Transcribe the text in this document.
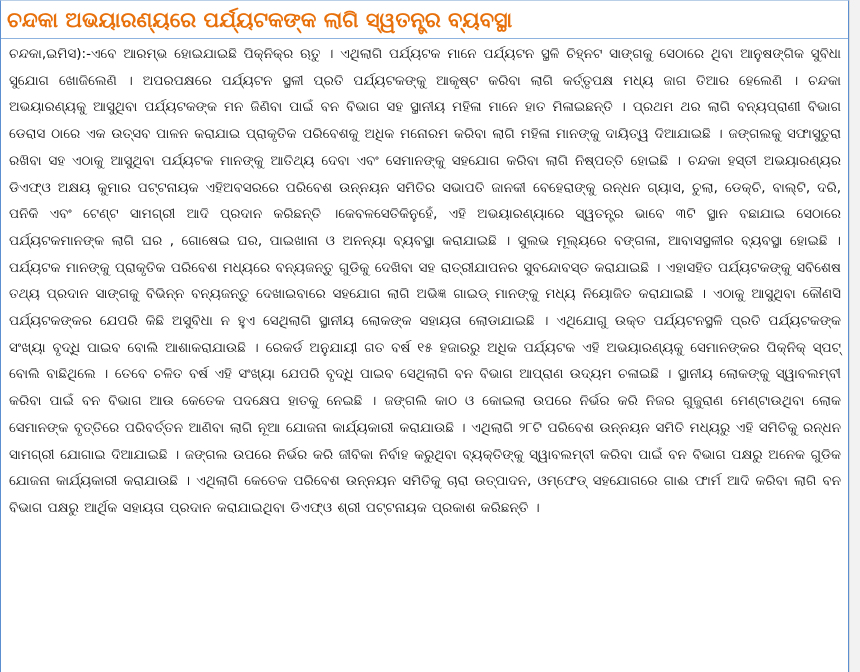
ଚନ୍ଦକା ଅଭୟାରଣ୍ୟରେ ପର୍ଯ୍ୟଟକଙ୍କ ଲାଗି ସ୍ୱତନ୍ତ୍ର ବ୍ୟବସ୍ଥା

ଚନ୍ଦକା,ଇମିସ):-ଏବେ ଆରମ୍ଭ ହୋଇଯାଇଛି ପିକ୍ନିକ୍ର ଋତୁ । ଏଥିଲାଗି ପର୍ଯ୍ୟଟକ ମାନେ ପର୍ଯ୍ୟଟନ ସ୍ଥଳି ଚିହ୍ନଟ ସାଙ୍ଗକୁ ସେଠାରେ ଥିବା ଆନୁଷଙ୍ଗିକ ସୁବିଧା ସୁଯୋଗ ଖୋଜିଲେଣି । ଅପରପକ୍ଷରେ ପର୍ଯ୍ୟଟନ ସ୍ଥଳୀ ପ୍ରତି ପର୍ଯ୍ୟଟକଙ୍କୁ ଆକୃଷ୍ଟ କରିବା ଲାଗି କର୍ତ୍ତୃପକ୍ଷ ମଧ୍ୟ ଜାଗ ତିଆର ହେଲେଣି । ଚନ୍ଦକା ଅଭୟାରଣ୍ୟକୁ ଆସୁଥିବା ପର୍ଯ୍ୟଟକଙ୍କ ମନ ଜିଣିବା ପାଇଁ ବନ ବିଭାଗ ସହ ସ୍ଥାନୀୟ ମହିଳା ମାନେ ହାତ ମିଳାଇଛନ୍ତି । ପ୍ରଥମ ଥର ଲାଗି ବନ୍ୟପ୍ରାଣୀ ବିଭାଗ ଡେରାସ ଠାରେ ଏକ ଉତ୍ସବ ପାଳନ କରାଯାଇ ପ୍ରାକୃତିକ ପରିବେଶକୁ ଅଧିକ ମନୋରମ କରିବା ଲାଗି ମହିଳା ମାନଙ୍କୁ ଦାୟିତ୍ୱ ଦିଆଯାଇଛି । ଜଙ୍ଗଲକୁ ସଫାସୁତୁରା ରଖିବା ସହ ଏଠାକୁ ଆସୁଥିବା ପର୍ଯ୍ୟଟକ ମାନଙ୍କୁ ଆତିଥ୍ୟ ଦେବା ଏବଂ ସେମାନଙ୍କୁ ସହଯୋଗ କରିବା ଲାଗି ନିଷ୍ପତ୍ତି ହୋଇଛି । ଚନ୍ଦକା ହସ୍ତୀ ଅଭୟାରଣ୍ୟର ଡିଏଫ୍ଓ ଅକ୍ଷୟ କୁମାର ପଟ୍ଟନାୟକ ଏହିଅବସରରେ ପରିବେଶ ଉନ୍ନୟନ ସମିତିର ସଭାପତି ଜାନକୀ ବେହେରାଙ୍କୁ ରନ୍ଧନ ଗ୍ୟାସ, ଚୁଲା, ଡେକ୍ଚି, ବାଲ୍ଟି, ଦରି, ପନିକି ଏବଂ ଟେଣ୍ଟ ସାମଗ୍ରୀ ଆଦି ପ୍ରଦାନ କରିଛନ୍ତି ।କେବଳସେତିକିନୁହେଁ, ଏହି ଅଭୟାରଣ୍ୟାରେ ସ୍ୱତନ୍ତ୍ର ଭାବେ ୩ଟି ସ୍ଥାନ ବଛାଯାଇ ସେଠାରେ ପର୍ଯ୍ୟଟକମାନଙ୍କ ଲାଗି ଘର , ଗୋଷେଇ ଘର, ପାଇଖାନା ଓ ଅନନ୍ୟା ବ୍ୟବସ୍ଥା କରାଯାଇଛି । ସୁଲଭ ମୂଲ୍ୟରେ ବଙ୍ଗଳା, ଆବାସସ୍ଥଳୀର ବ୍ୟବସ୍ଥା ହୋଇଛି । ପର୍ଯ୍ୟଟକ ମାନଙ୍କୁ ପ୍ରାକୃତିକ ପରିବେଶ ମଧ୍ୟରେ ବନ୍ୟଜନ୍ତୁ ଗୁଡିକୁ ଦେଖିବା ସହ ରାତ୍ରୀଯାପନର ସୁବନ୍ଦୋବସ୍ତ କରାଯାଇଛି । ଏହାସହିତ ପର୍ଯ୍ୟଟକଙ୍କୁ ସବିଶେଷ ତଥ୍ୟ ପ୍ରଦାନ ସାଙ୍ଗକୁ ବିଭିନ୍ନ ବନ୍ୟଜନ୍ତୁ ଦେଖାଇବାରେ ସହଯୋଗ ଲାଗି ଅଭିଜ୍ଞ ଗାଇଡ୍ ମାନଙ୍କୁ ମଧ୍ୟ ନିୟୋଜିତ କରାଯାଇଛି । ଏଠାକୁ ଆସୁଥିବା କୌଣସି ପର୍ଯ୍ୟଟକଙ୍କର ଯେପରି କିଛି ଅସୁବିଧା ନ ହୁଏ ସେଥିଲାଗି ସ୍ଥାନୀୟ ଲୋକଙ୍କ ସହାୟତା ଲୋଡାଯାଇଛି । ଏଥିଯୋଗୁ ଉକ୍ତ ପର୍ଯ୍ୟଟନସ୍ଥଳି ପ୍ରତି ପର୍ଯ୍ୟଟକଙ୍କ ସଂଖ୍ୟା ବୃଦ୍ଧି ପାଇବ ବୋଲି ଆଶାକରାଯାଉଛି । ରେକର୍ଡ ଅନୁଯାୟୀ ଗତ ବର୍ଷ ୧୫ ହଜାରରୁ ଅଧିକ ପର୍ଯ୍ୟଟକ ଏହି ଅଭୟାରଣ୍ୟକୁ ସେମାନଙ୍କର ପିକ୍ନିକ୍ ସ୍ପଟ୍ ବୋଲି ବାଛିଥିଲେ । ତେବେ ଚଳିତ ବର୍ଷ ଏହି ସଂଖ୍ୟା ଯେପରି ବୃଦ୍ଧି ପାଇବ ସେଥିଲାଗି ବନ ବିଭାଗ ଆପ୍ରାଣ ଉଦ୍ୟମ ଚଳାଇଛି । ସ୍ଥାନୀୟ ଲୋକଙ୍କୁ ସ୍ୱାବଲମ୍ବୀ କରିବା ପାଇଁ ବନ ବିଭାଗ ଆଉ କେତେକ ପଦକ୍ଷେପ ହାତକୁ ନେଇଛି । ଜଙ୍ଗଲି କାଠ ଓ କୋଇଲା ଉପରେ ନିର୍ଭର କରି ନିଜର ଗୁଜୁରାଣ ମେଣ୍ଟାଉଥିବା ଲୋକ ସେମାନଙ୍କ ବୃତ୍ତିରେ ପରିବର୍ତ୍ତନ ଆଣିବା ଲାଗି ନୂଆ ଯୋଜନା କାର୍ଯ୍ୟକାରୀ କରାଯାଉଛି । ଏଥିଲାଗି ୨୮ଟି ପରିବେଶ ଉନ୍ନୟନ ସମିତି ମଧ୍ୟରୁ ଏହି ସମିତିକୁ ରନ୍ଧନ ସାମଗ୍ରୀ ଯୋଗାଇ ଦିଆଯାଇଛି । ଜଙ୍ଗଲ ଉପରେ ନିର୍ଭର କରି ଜୀବିକା ନିର୍ବାହ କରୁଥିବା ବ୍ୟକ୍ତିଙ୍କୁ ସ୍ୱାବଲମ୍ବୀ କରିବା ପାଇଁ ବନ ବିଭାଗ ପକ୍ଷରୁ ଅନେକ ଗୁଡିକ ଯୋଜନା କାର୍ଯ୍ୟକାରୀ କରାଯାଉଛି । ଏଥିଲାଗି କେତେକ ପରିବେଶ ଉନ୍ନୟନ ସମିତିକୁ ଚାରା ଉତ୍ପାଦନ, ଓମ୍ଫେଡ୍ ସହଯୋଗରେ ଗାଈ ଫାର୍ମ ଆଦି କରିବା ଲାଗି ବନ ବିଭାଗ ପକ୍ଷରୁ ଆର୍ଥିକ ସହାୟତା ପ୍ରଦାନ କରାଯାଇଥିବା ଡିଏଫ୍ଓ ଶ୍ରୀ ପଟ୍ଟନାୟକ ପ୍ରକାଶ କରିଛନ୍ତି ।
